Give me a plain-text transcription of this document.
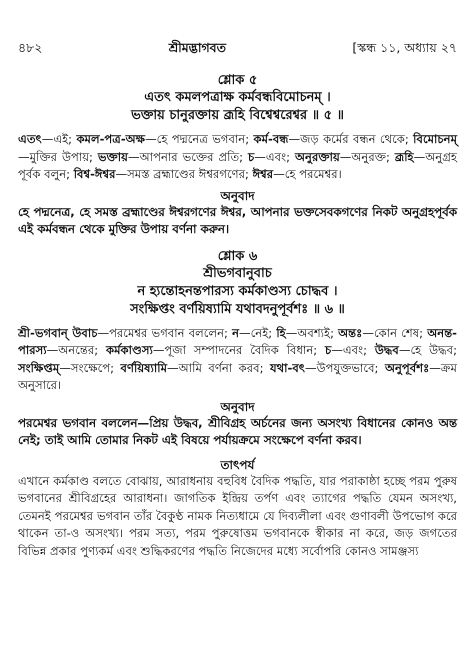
৪৮২	শ্রীমদ্ভাগবত	[স্কন্ধ ১১, অধ্যায় ২৭
শ্লোক ৫
এতৎ কমলপত্রাক্ষ কর্মবন্ধবিমোচনম্ ।
ভক্তায় চানুরক্তায় ব্রূহি বিশ্বেশ্বরেশ্বর ॥ ৫ ॥
এতৎ—এই; কমল-পত্র-অক্ষ—হে পদ্মনেত্র ভগবান; কর্ম-বন্ধ—জড় কর্মের বন্ধন থেকে; বিমোচনম্—মুক্তির উপায়; ভক্তায়—আপনার ভক্তের প্রতি; চ—এবং; অনুরক্তায়—অনুরক্ত; ব্রূহি—অনুগ্রহ পূর্বক বলুন; বিশ্ব-ঈশ্বর—সমস্ত ব্রহ্মাণ্ডের ঈশ্বরগণের; ঈশ্বর—হে পরমেশ্বর।
অনুবাদ
হে পদ্মনেত্র, হে সমস্ত ব্রহ্মাণ্ডের ঈশ্বরগণের ঈশ্বর, আপনার ভক্তসেবকগণের নিকট অনুগ্রহপূর্বক এই কর্মবন্ধন থেকে মুক্তির উপায় বর্ণনা করুন।
শ্লোক ৬
শ্রীভগবানুবাচ
ন হ্যন্তোহনন্তপারস্য কর্মকাণ্ডস্য চোদ্ধব ।
সংক্ষিপ্তং বর্ণয়িষ্যামি যথাবদনুপূর্বশঃ ॥ ৬ ॥
শ্রী-ভগবান্ উবাচ—পরমেশ্বর ভগবান বললেন; ন—নেই; হি—অবশ্যই; অন্তঃ—কোন শেষ; অনন্ত-পারস্য—অনন্তের; কর্মকাণ্ডস্য—পূজা সম্পাদনের বৈদিক বিধান; চ—এবং; উদ্ধব—হে উদ্ধব; সংক্ষিপ্তম্—সংক্ষেপে; বর্ণয়িষ্যামি—আমি বর্ণনা করব; যথা-বৎ—উপযুক্তভাবে; অনুপূর্বশঃ—ক্রম অনুসারে।
অনুবাদ
পরমেশ্বর ভগবান বললেন—প্রিয় উদ্ধব, শ্রীবিগ্রহ অর্চনের জন্য অসংখ্য বিধানের কোনও অন্ত নেই; তাই আমি তোমার নিকট এই বিষয়ে পর্যায়ক্রমে সংক্ষেপে বর্ণনা করব।
তাৎপর্য
এখানে কর্মকাণ্ড বলতে বোঝায়, আরাধনায় বহুবিধ বৈদিক পদ্ধতি, যার পরাকাষ্ঠা হচ্ছে পরম পুরুষ ভগবানের শ্রীবিগ্রহের আরাধনা। জাগতিক ইন্দ্রিয় তর্পণ এবং ত্যাগের পদ্ধতি যেমন অসংখ্য, তেমনই পরমেশ্বর ভগবান তাঁর বৈকুণ্ঠ নামক নিত্যধামে যে দিব্যলীলা এবং গুণাবলী উপভোগ করে থাকেন তা-ও অসংখ্য। পরম সত্য, পরম পুরুষোত্তম ভগবানকে স্বীকার না করে, জড় জগতের বিভিন্ন প্রকার পুণ্যকর্ম এবং শুদ্ধিকরণের পদ্ধতি নিজেদের মধ্যে সর্বোপরি কোনও সামঞ্জস্য
